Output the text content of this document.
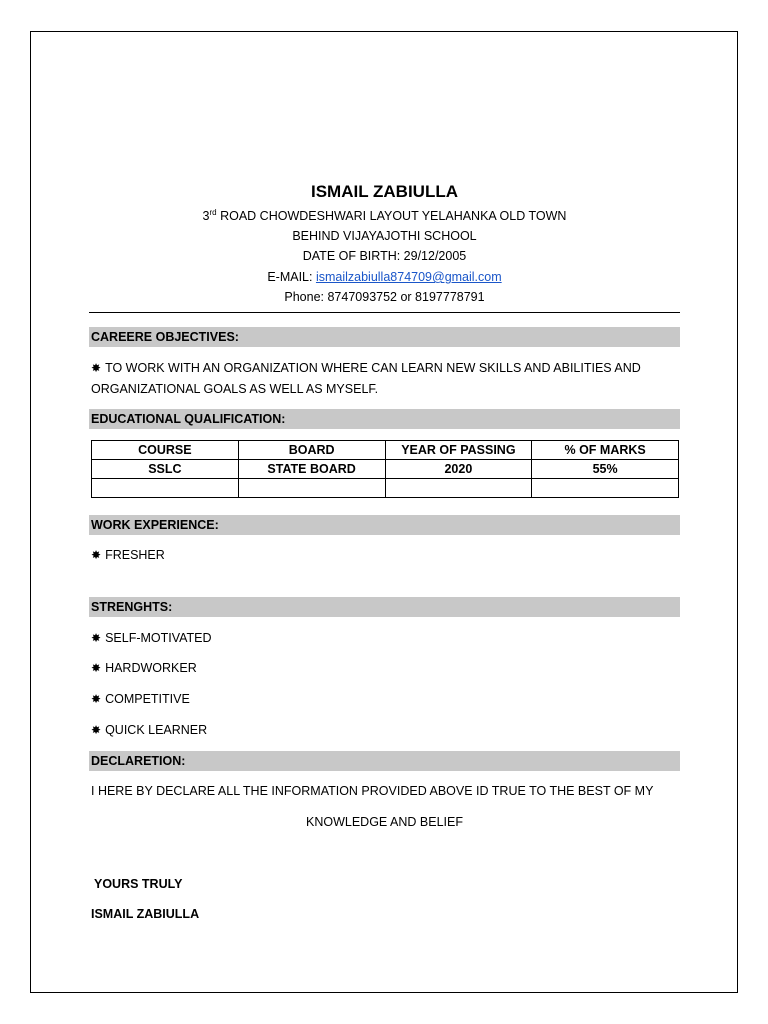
ISMAIL ZABIULLA
3rd ROAD CHOWDESHWARI LAYOUT YELAHANKA OLD TOWN
BEHIND VIJAYAJOTHI SCHOOL
DATE OF BIRTH: 29/12/2005
E-MAIL: ismailzabiulla874709@gmail.com
Phone: 8747093752 or 8197778791
CAREERE OBJECTIVES:
✸ TO WORK WITH AN ORGANIZATION WHERE CAN LEARN NEW SKILLS AND ABILITIES AND
ORGANIZATIONAL GOALS AS WELL AS MYSELF.
EDUCATIONAL QUALIFICATION:
COURSE	BOARD	YEAR OF PASSING	% OF MARKS
SSLC	STATE BOARD	2020	55%

WORK EXPERIENCE:
✸ FRESHER
STRENGHTS:
✸ SELF-MOTIVATED
✸ HARDWORKER
✸ COMPETITIVE
✸ QUICK LEARNER
DECLARETION:
I HERE BY DECLARE ALL THE INFORMATION PROVIDED ABOVE ID TRUE TO THE BEST OF MY
KNOWLEDGE AND BELIEF
YOURS TRULY
ISMAIL ZABIULLA
